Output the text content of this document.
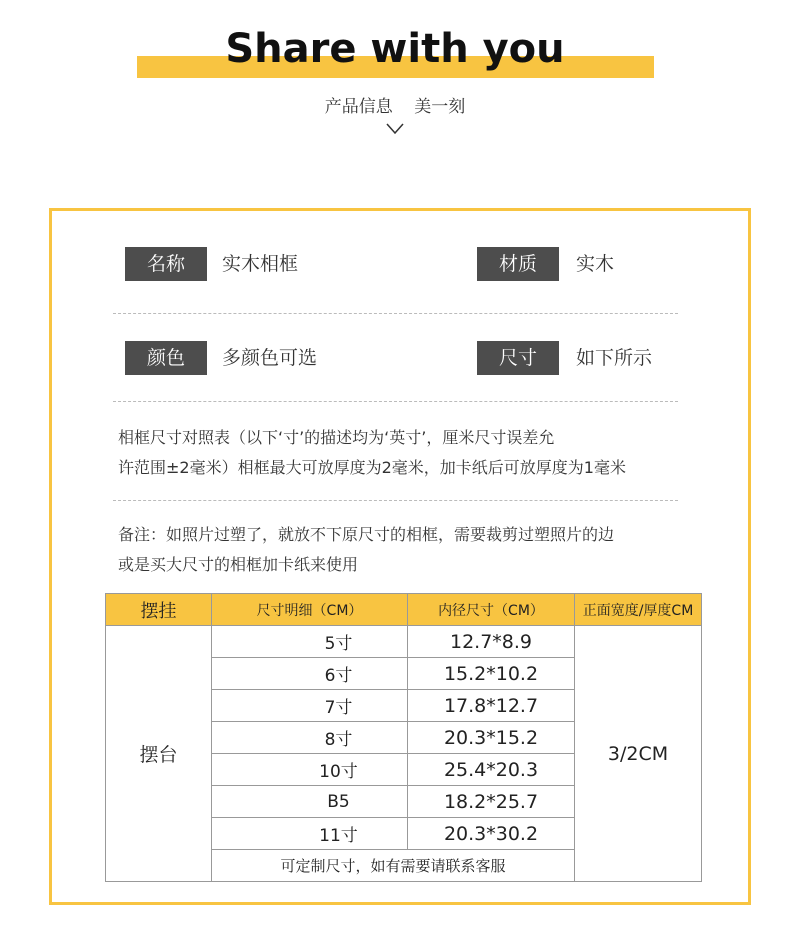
Share with you
产品信息 美一刻
名称	实木相框	材质	实木
颜色	多颜色可选	尺寸	如下所示
相框尺寸对照表（以下‘寸’的描述均为‘英寸’，厘米尺寸误差允
许范围±2毫米）相框最大可放厚度为2毫米，加卡纸后可放厚度为1毫米
备注：如照片过塑了，就放不下原尺寸的相框，需要裁剪过塑照片的边
或是买大尺寸的相框加卡纸来使用
摆挂	尺寸明细（CM）	内径尺寸（CM）	正面宽度/厚度CM
摆台	5寸	12.7*8.9	3/2CM
	6寸	15.2*10.2	
	7寸	17.8*12.7	
	8寸	20.3*15.2	
	10寸	25.4*20.3	
	B5	18.2*25.7	
	11寸	20.3*30.2	
	可定制尺寸，如有需要请联系客服		
